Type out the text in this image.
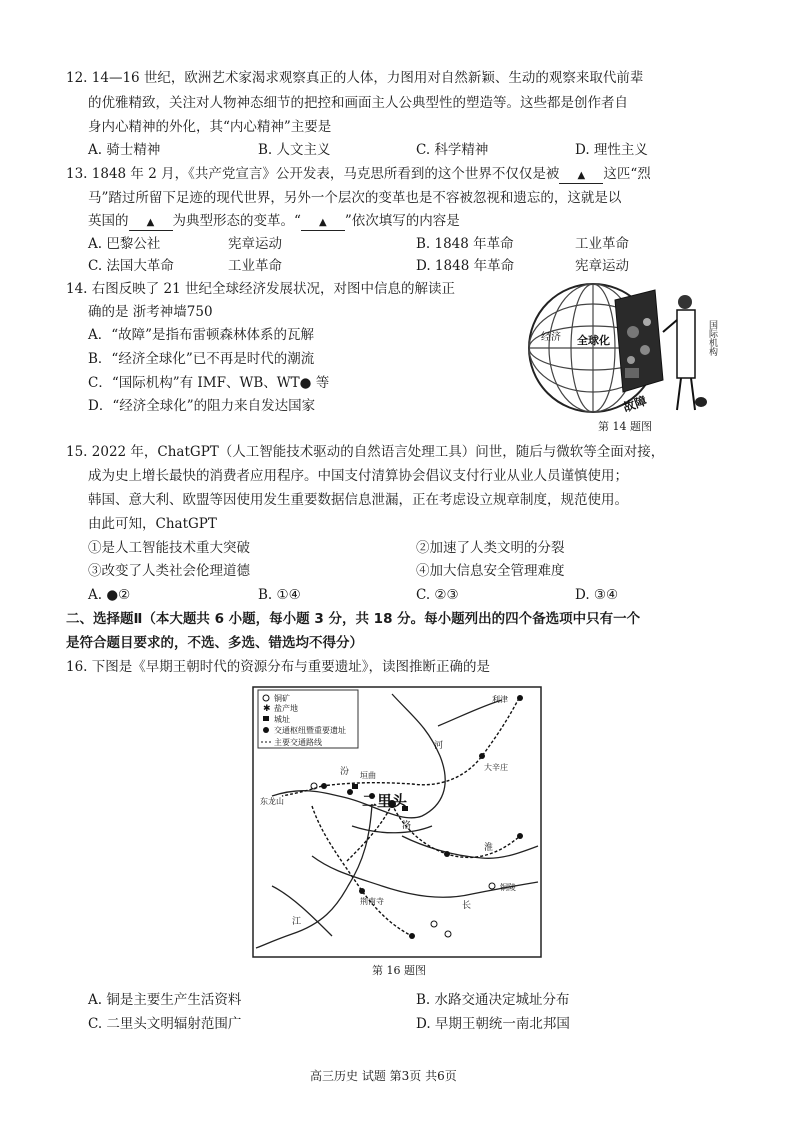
12. 14—16 世纪，欧洲艺术家渴求观察真正的人体，力图用对自然新颖、生动的观察来取代前辈
的优雅精致，关注对人物神态细节的把控和画面主人公典型性的塑造等。这些都是创作者自
身内心精神的外化，其“内心精神”主要是
A. 骑士精神	B. 人文主义	C. 科学精神	D. 理性主义
13. 1848 年 2 月，《共产党宣言》公开发表，马克思所看到的这个世界不仅仅是被 ▲ 这匹“烈
马”踏过所留下足迹的现代世界，另外一个层次的变革也是不容被忽视和遗忘的，这就是以
英国的 ▲ 为典型形态的变革。“ ▲ ”依次填写的内容是
A. 巴黎公社	宪章运动	B. 1848 年革命	工业革命
C. 法国大革命	工业革命	D. 1848 年革命	宪章运动
14. 右图反映了 21 世纪全球经济发展状况，对图中信息的解读正
确的是 浙考神墙750
A．“故障”是指布雷顿森林体系的瓦解
B．“经济全球化”已不再是时代的潮流
C．“国际机构”有 IMF、WB、WT● 等
D．“经济全球化”的阻力来自发达国家
经济 全球化
故障
国际机构
第 14 题图
15. 2022 年，ChatGPT（人工智能技术驱动的自然语言处理工具）问世，随后与微软等全面对接，
成为史上增长最快的消费者应用程序。中国支付清算协会倡议支付行业从业人员谨慎使用；
韩国、意大利、欧盟等因使用发生重要数据信息泄漏，正在考虑设立规章制度，规范使用。
由此可知，ChatGPT
①是人工智能技术重大突破	②加速了人类文明的分裂
③改变了人类社会伦理道德	④加大信息安全管理难度
A. ●②	B. ①④	C. ②③	D. ③④
二、选择题Ⅱ（本大题共 6 小题，每小题 3 分，共 18 分。每小题列出的四个备选项中只有一个
是符合题目要求的，不选、多选、错选均不得分）
16. 下图是《早期王朝时代的资源分布与重要遗址》，读图推断正确的是
铜矿
✱ 盐产地
城址
交通枢纽暨重要遗址
主要交通路线
二里头
河
汾
洛
淮
江
长
铜陵
荆南寺
垣曲
利津
大辛庄
东龙山
第 16 题图
A. 铜是主要生产生活资料	B. 水路交通决定城址分布
C. 二里头文明辐射范围广	D. 早期王朝统一南北邦国
高三历史 试题 第3页 共6页
